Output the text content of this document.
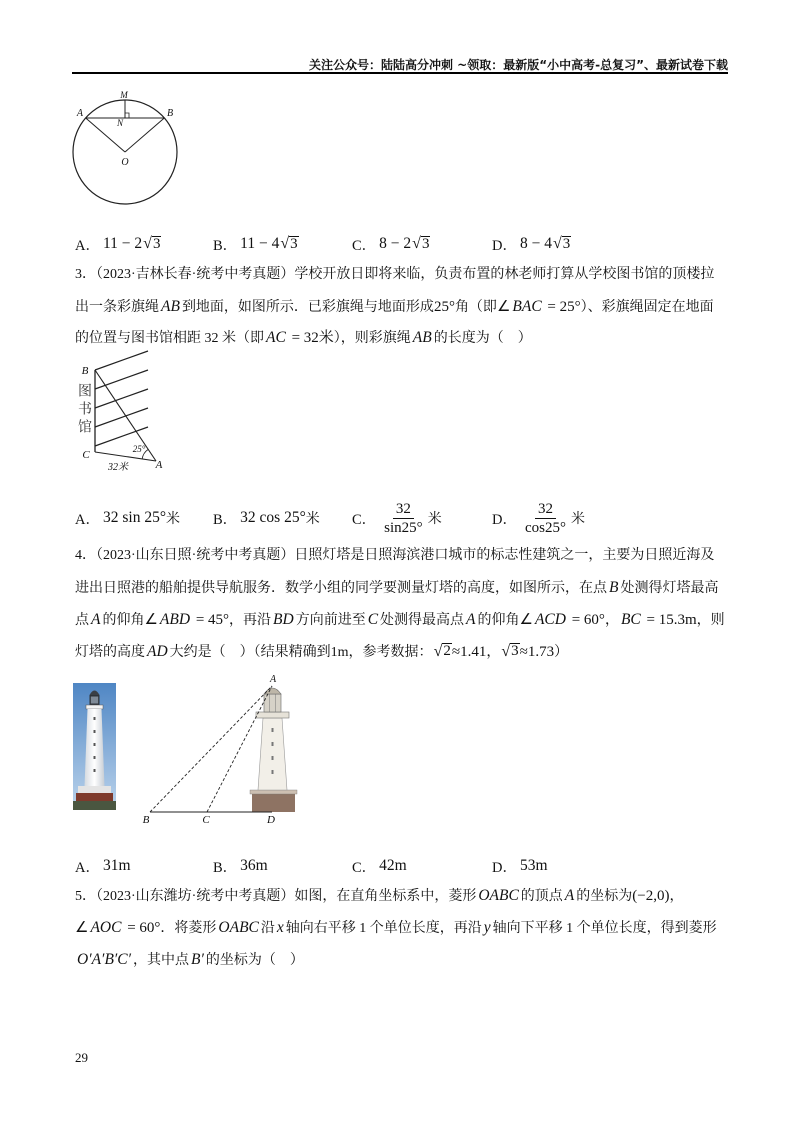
关注公众号：陆陆高分冲刺 ~领取：最新版“小中高考-总复习”、最新试卷下载
A	B
M
N
O
A． 11 − 2 √ 3	B． 11 − 4 √ 3	C． 8 − 2 √ 3	D． 8 − 4 √ 3
3．（2023·吉林长春·统考中考真题）学校开放日即将来临，负责布置的林老师打算从学校图书馆的顶楼拉
出一条彩旗绳 AB 到地面，如图所示．已彩旗绳与地面形成25°角（即∠ BAC = 25°）、彩旗绳固定在地面
的位置与图书馆相距 32 米（即 AC = 32米），则彩旗绳 AB 的长度为（　）
图书馆
B
C
A
25°
32米
A． 32 sin 25° 米 B． 32 cos 25° 米 C． $\frac{32}{\sin 25^\circ}$ 米	D． $\frac{32}{\cos 25^\circ}$ 米
4．（2023·山东日照·统考中考真题）日照灯塔是日照海滨港口城市的标志性建筑之一，主要为日照近海及
进出日照港的船舶提供导航服务．数学小组的同学要测量灯塔的高度，如图所示，在点 B 处测得灯塔最高
点 A 的仰角∠ ABD = 45°，再沿 BD 方向前进至 C 处测得最高点 A 的仰角∠ ACD = 60°， BC = 15.3m，则
灯塔的高度 AD 大约是（　）（结果精确到1m，参考数据： √ 2 ≈1.41， √ 3 ≈1.73）
A
B	C	D
A． 31m	B． 36m	C． 42m	D． 53m
5．（2023·山东潍坊·统考中考真题）如图，在直角坐标系中，菱形 OABC 的顶点 A 的坐标为(−2,0)，
∠ AOC = 60°．将菱形 OABC 沿 x 轴向右平移 1 个单位长度，再沿 y 轴向下平移 1 个单位长度，得到菱形
O′A′B′C′ ，其中点 B′ 的坐标为（　）
29
